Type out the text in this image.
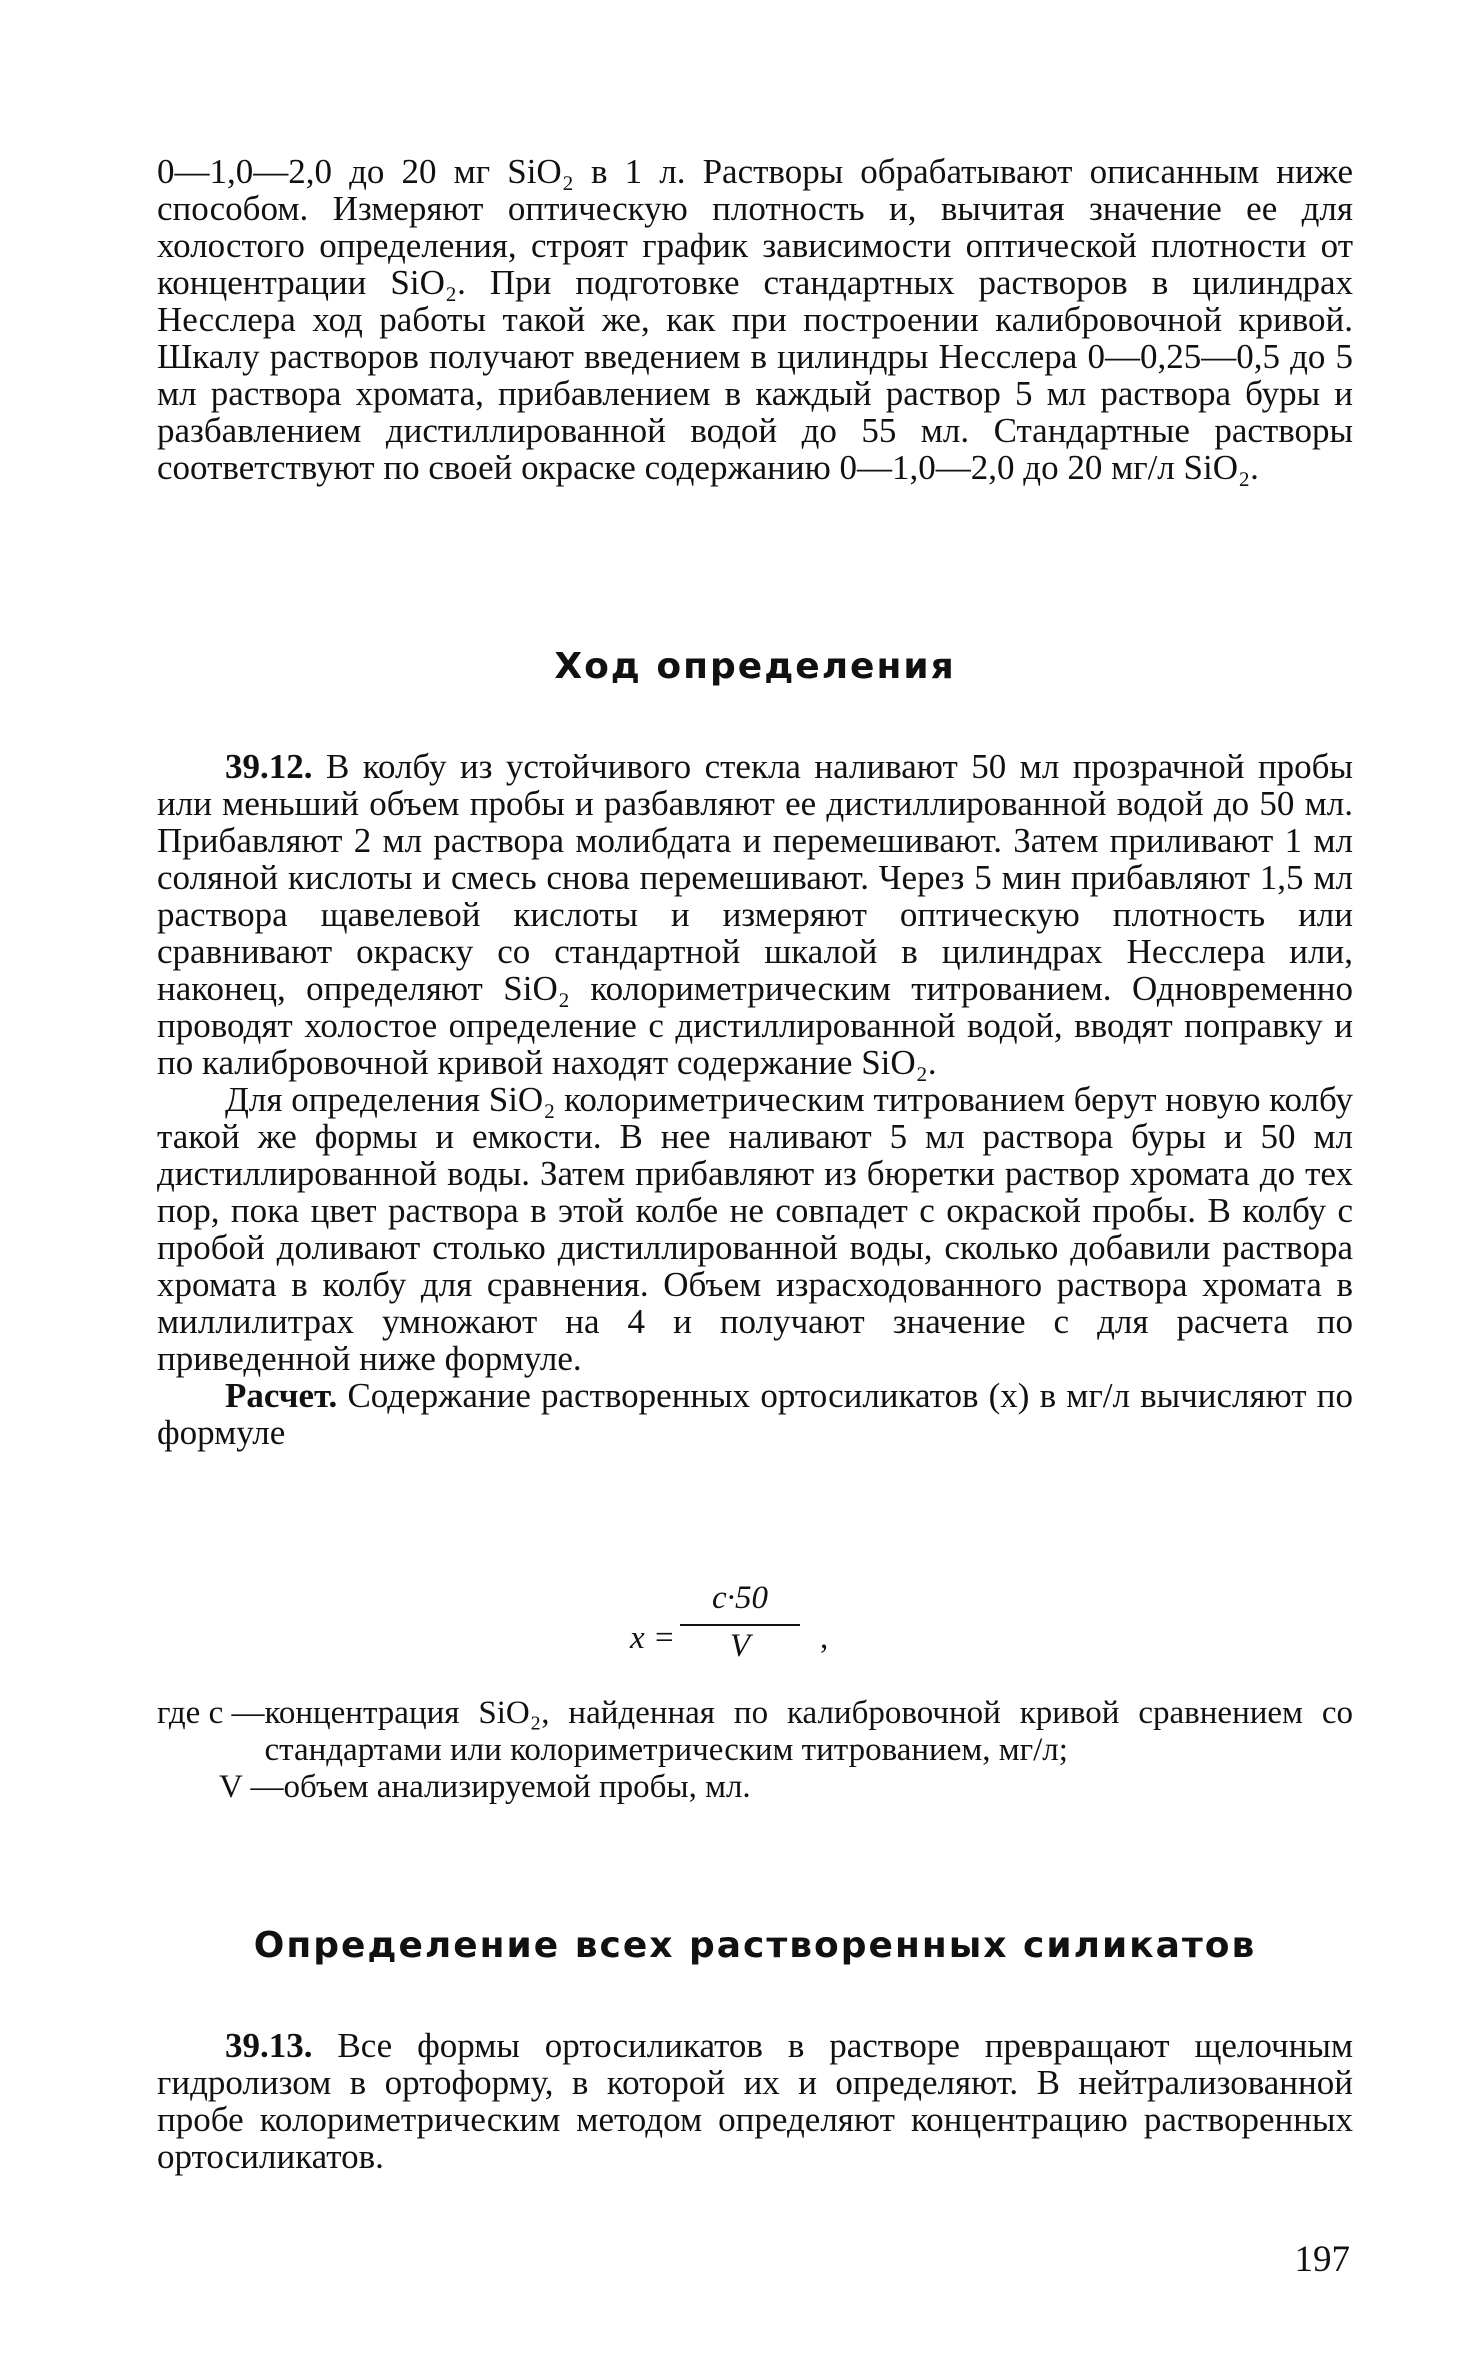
0—1,0—2,0 до 20 мг SiO₂ в 1 л. Растворы обрабатывают описанным ниже способом. Измеряют оптическую плотность и, вычитая значение ее для холостого определения, строят график зависимости оптической плотности от концентрации SiO₂. При подготовке стандартных растворов в цилиндрах Несслера ход работы такой же, как при построении калибровочной кривой. Шкалу растворов получают введением в цилиндры Несслера 0—0,25—0,5 до 5 мл раствора хромата, прибавлением в каждый раствор 5 мл раствора буры и разбавлением дистиллированной водой до 55 мл. Стандартные растворы соответствуют по своей окраске содержанию 0—1,0—2,0 до 20 мг/л SiO₂.

Ход определения

39.12. В колбу из устойчивого стекла наливают 50 мл прозрачной пробы или меньший объем пробы и разбавляют ее дистиллированной водой до 50 мл. Прибавляют 2 мл раствора молибдата и перемешивают. Затем приливают 1 мл соляной кислоты и смесь снова перемешивают. Через 5 мин прибавляют 1,5 мл раствора щавелевой кислоты и измеряют оптическую плотность или сравнивают окраску со стандартной шкалой в цилиндрах Несслера или, наконец, определяют SiO₂ колориметрическим титрованием. Одновременно проводят холостое определение с дистиллированной водой, вводят поправку и по калибровочной кривой находят содержание SiO₂.

Для определения SiO₂ колориметрическим титрованием берут новую колбу такой же формы и емкости. В нее наливают 5 мл раствора буры и 50 мл дистиллированной воды. Затем прибавляют из бюретки раствор хромата до тех пор, пока цвет раствора в этой колбе не совпадет с окраской пробы. В колбу с пробой доливают столько дистиллированной воды, сколько добавили раствора хромата в колбу для сравнения. Объем израсходованного раствора хромата в миллилитрах умножают на 4 и получают значение с для расчета по приведенной ниже формуле.

Расчет. Содержание растворенных ортосиликатов (x) в мг/л вычисляют по формуле

x =
c·50
V	,

где c — концентрация SiO₂, найденная по калибровочной кривой сравнением со стандартами или колориметрическим титрованием, мг/л;

V — объем анализируемой пробы, мл.

Определение всех растворенных силикатов

39.13. Все формы ортосиликатов в растворе превращают щелочным гидролизом в ортоформу, в которой их и определяют. В нейтрализованной пробе колориметрическим методом определяют концентрацию растворенных ортосиликатов.

197
